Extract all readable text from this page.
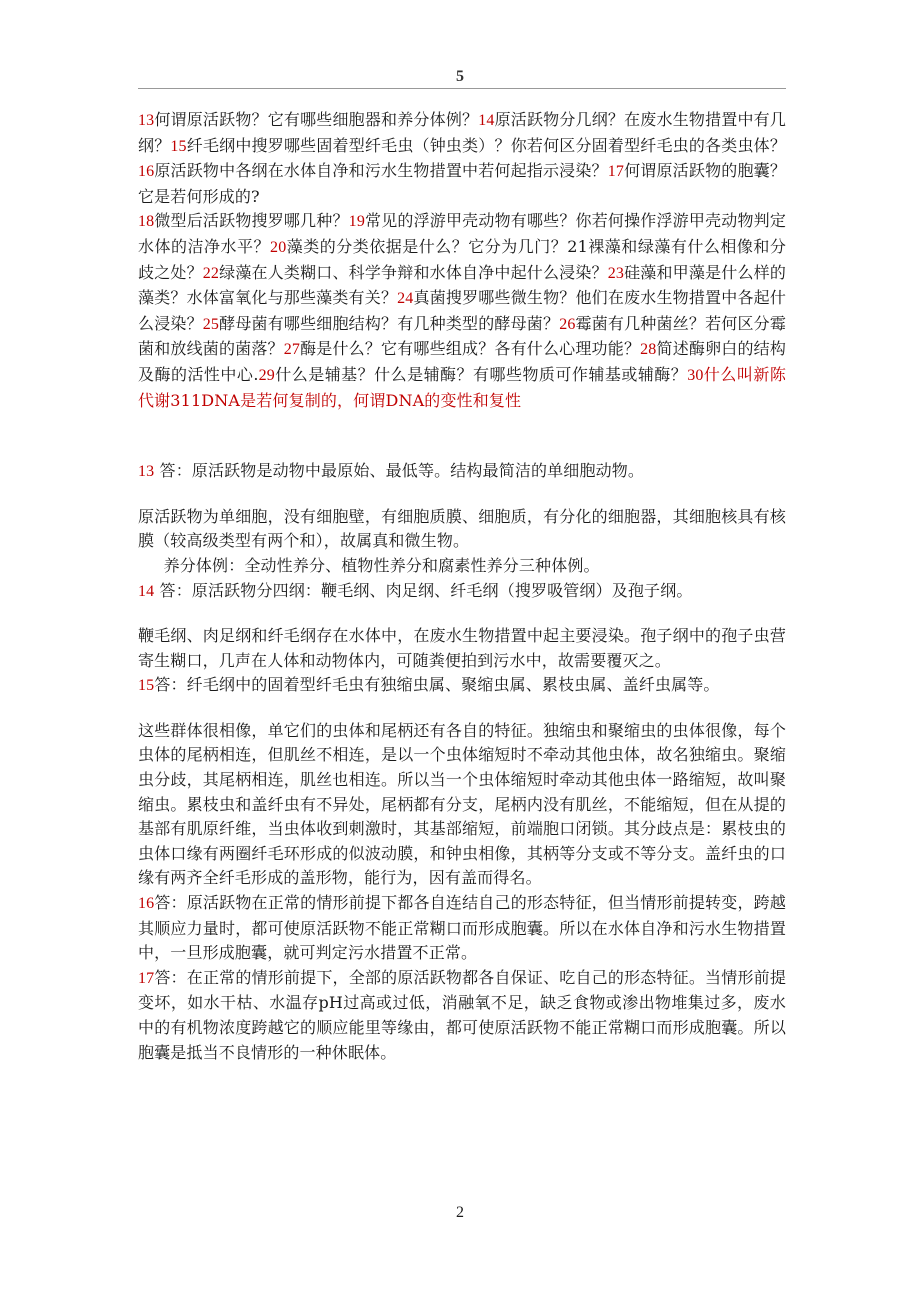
5

13何谓原活跃物？它有哪些细胞器和养分体例？14原活跃物分几纲？在废水生物措置中有几纲？15纤毛纲中搜罗哪些固着型纤毛虫（钟虫类）？你若何区分固着型纤毛虫的各类虫体？16原活跃物中各纲在水体自净和污水生物措置中若何起指示浸染？17何谓原活跃物的胞囊？它是若何形成的?

18微型后活跃物搜罗哪几种？19常见的浮游甲壳动物有哪些？你若何操作浮游甲壳动物判定水体的洁净水平？20藻类的分类依据是什么？它分为几门？21裸藻和绿藻有什么相像和分歧之处？22绿藻在人类糊口、科学争辩和水体自净中起什么浸染？23硅藻和甲藻是什么样的藻类？水体富氧化与那些藻类有关？24真菌搜罗哪些微生物？他们在废水生物措置中各起什么浸染？25酵母菌有哪些细胞结构？有几种类型的酵母菌？26霉菌有几种菌丝？若何区分霉菌和放线菌的菌落？27酶是什么？它有哪些组成？各有什么心理功能？28简述酶卵白的结构及酶的活性中心.29什么是辅基？什么是辅酶？有哪些物质可作辅基或辅酶？30什么叫新陈代谢311DNA是若何复制的，何谓DNA的变性和复性

13 答：原活跃物是动物中最原始、最低等。结构最简洁的单细胞动物。

原活跃物为单细胞，没有细胞壁，有细胞质膜、细胞质，有分化的细胞器，其细胞核具有核膜（较高级类型有两个和），故属真和微生物。

养分体例：全动性养分、植物性养分和腐素性养分三种体例。

14 答：原活跃物分四纲：鞭毛纲、肉足纲、纤毛纲（搜罗吸管纲）及孢子纲。

鞭毛纲、肉足纲和纤毛纲存在水体中，在废水生物措置中起主要浸染。孢子纲中的孢子虫营寄生糊口，几声在人体和动物体内，可随粪便拍到污水中，故需要覆灭之。

15答：纤毛纲中的固着型纤毛虫有独缩虫属、聚缩虫属、累枝虫属、盖纤虫属等。

这些群体很相像，单它们的虫体和尾柄还有各自的特征。独缩虫和聚缩虫的虫体很像，每个虫体的尾柄相连，但肌丝不相连，是以一个虫体缩短时不牵动其他虫体，故名独缩虫。聚缩虫分歧，其尾柄相连，肌丝也相连。所以当一个虫体缩短时牵动其他虫体一路缩短，故叫聚缩虫。累枝虫和盖纤虫有不异处，尾柄都有分支，尾柄内没有肌丝，不能缩短，但在从提的基部有肌原纤维，当虫体收到刺激时，其基部缩短，前端胞口闭锁。其分歧点是：累枝虫的虫体口缘有两圈纤毛环形成的似波动膜，和钟虫相像，其柄等分支或不等分支。盖纤虫的口缘有两齐全纤毛形成的盖形物，能行为，因有盖而得名。

16答：原活跃物在正常的情形前提下都各自连结自己的形态特征，但当情形前提转变，跨越其顺应力量时，都可使原活跃物不能正常糊口而形成胞囊。所以在水体自净和污水生物措置中，一旦形成胞囊，就可判定污水措置不正常。

17答：在正常的情形前提下，全部的原活跃物都各自保证、吃自己的形态特征。当情形前提变坏，如水干枯、水温存pH过高或过低，消融氧不足，缺乏食物或渗出物堆集过多，废水中的有机物浓度跨越它的顺应能里等缘由，都可使原活跃物不能正常糊口而形成胞囊。所以胞囊是抵当不良情形的一种休眠体。

2
